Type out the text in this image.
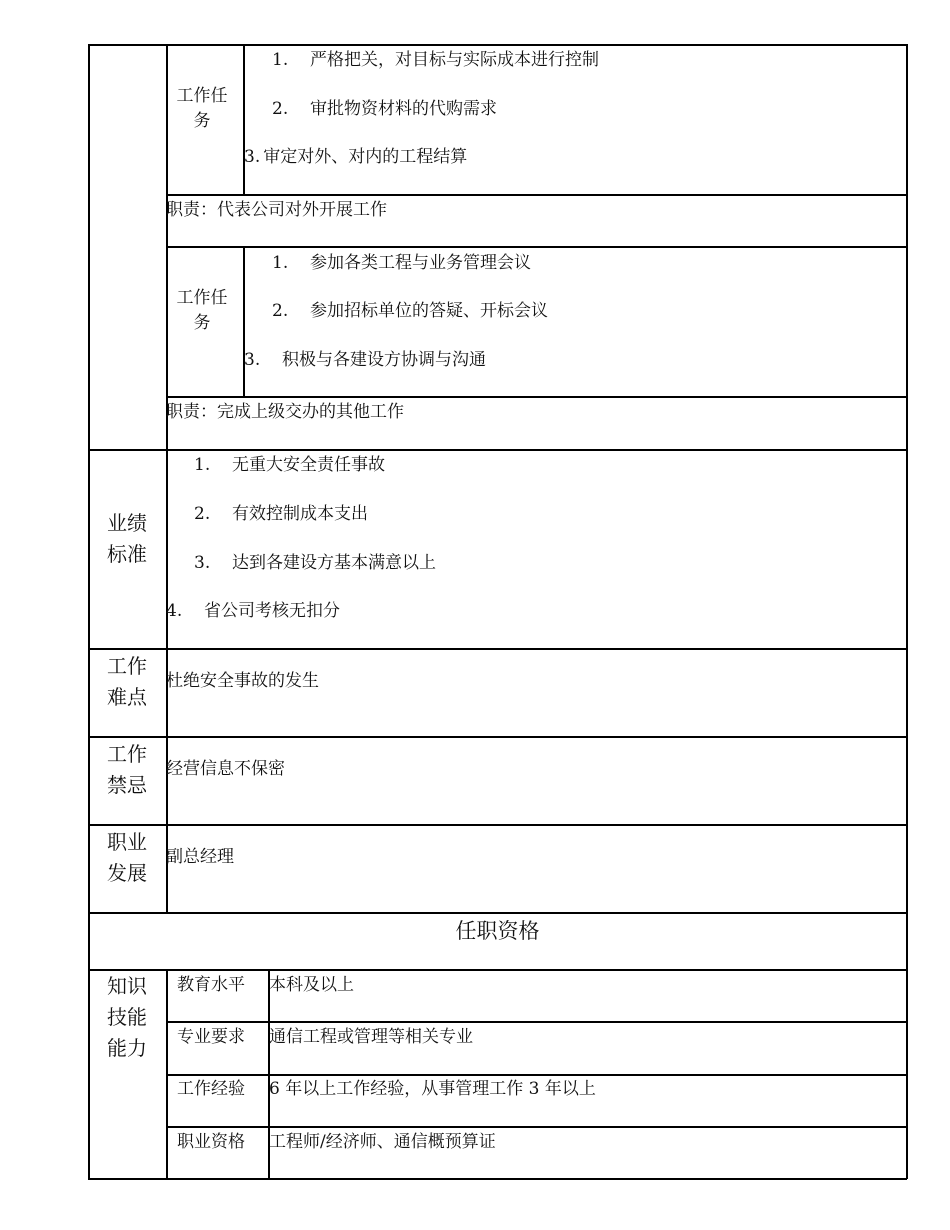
工作任务
1. 严格把关，对目标与实际成本进行控制
2. 审批物资材料的代购需求
3. 审定对外、对内的工程结算
职责：代表公司对外开展工作
工作任务
1. 参加各类工程与业务管理会议
2. 参加招标单位的答疑、开标会议
3. 积极与各建设方协调与沟通
职责：完成上级交办的其他工作
业绩标准
1. 无重大安全责任事故
2. 有效控制成本支出
3. 达到各建设方基本满意以上
4. 省公司考核无扣分
工作难点
杜绝安全事故的发生
工作禁忌
经营信息不保密
职业发展
副总经理
任职资格
知识技能能力
教育水平 本科及以上
专业要求 通信工程或管理等相关专业
工作经验 6 年以上工作经验，从事管理工作 3 年以上
职业资格 工程师/经济师、通信概预算证
